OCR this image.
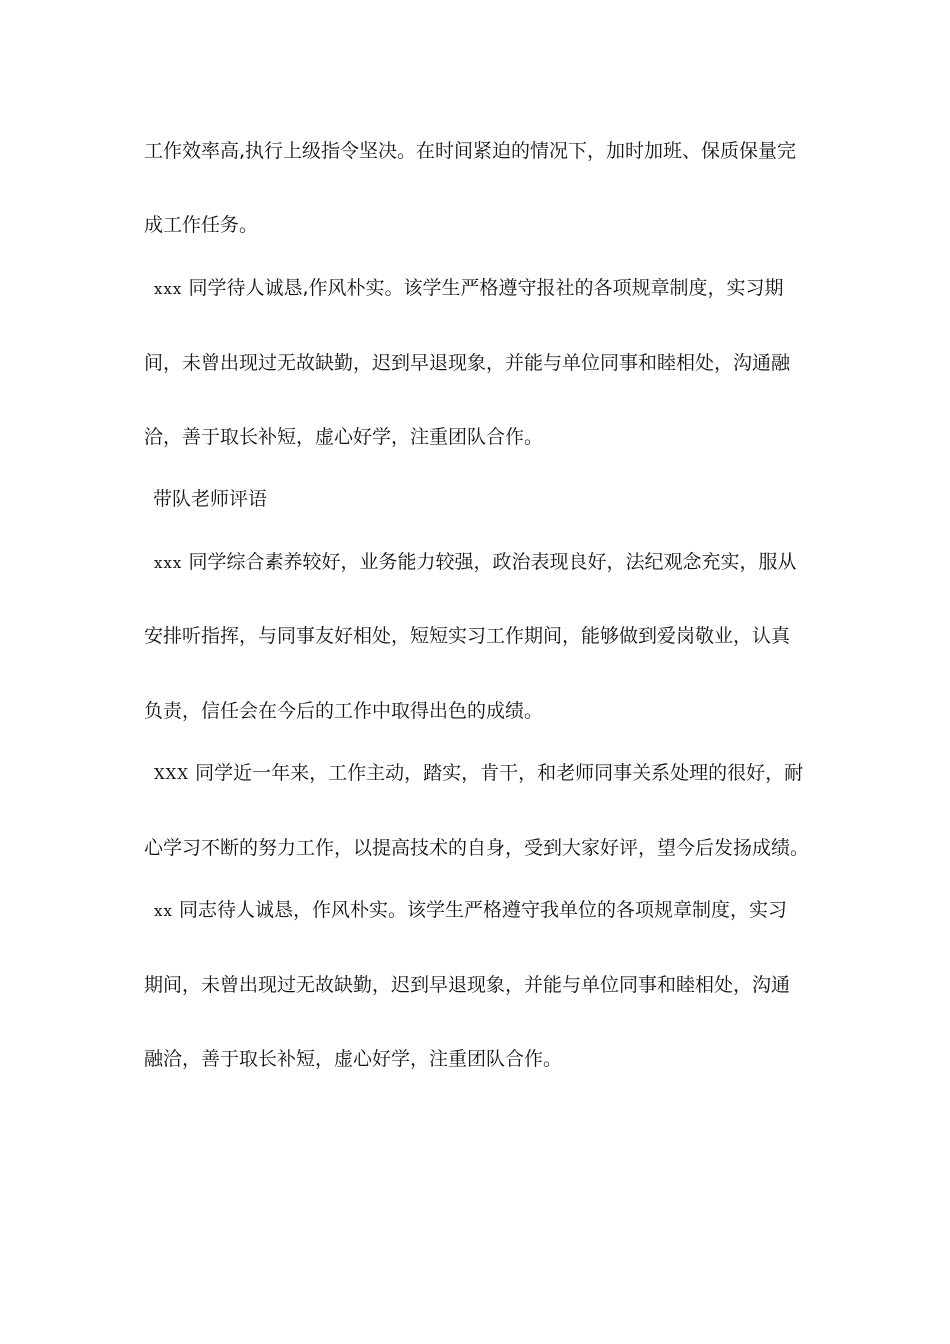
工作效率高,执行上级指令坚决。在时间紧迫的情况下，加时加班、保质保量完
成工作任务。
xxx 同学待人诚恳,作风朴实。该学生严格遵守报社的各项规章制度，实习期
间，未曾出现过无故缺勤，迟到早退现象，并能与单位同事和睦相处，沟通融
洽，善于取长补短，虚心好学，注重团队合作。
带队老师评语
xxx 同学综合素养较好，业务能力较强，政治表现良好，法纪观念充实，服从
安排听指挥，与同事友好相处，短短实习工作期间，能够做到爱岗敬业，认真
负责，信任会在今后的工作中取得出色的成绩。
XXX 同学近一年来，工作主动，踏实，肯干，和老师同事关系处理的很好，耐
心学习不断的努力工作，以提高技术的自身，受到大家好评，望今后发扬成绩。
xx 同志待人诚恳，作风朴实。该学生严格遵守我单位的各项规章制度，实习
期间，未曾出现过无故缺勤，迟到早退现象，并能与单位同事和睦相处，沟通
融洽，善于取长补短，虚心好学，注重团队合作。
